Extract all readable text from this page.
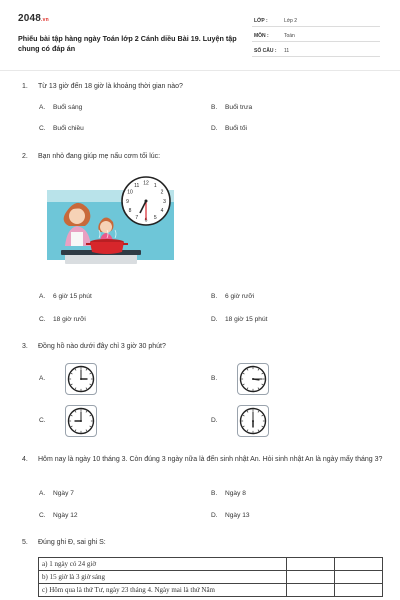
2048.vn
Phiếu bài tập hàng ngày Toán lớp 2 Cánh diều Bài 19. Luyện tập chung có đáp án
LỚP :	Lớp 2
MÔN :	Toán
SỐ CÂU : 11
1. Từ 13 giờ đến 18 giờ là khoảng thời gian nào?
A. Buổi sáng	B. Buổi trưa
C. Buổi chiều	D. Buổi tối
2. Bạn nhỏ đang giúp mẹ nấu cơm tối lúc:
12 1
2
3
4
5
6
7
8
9
10
11
A. 6 giờ 15 phút	B. 6 giờ rưỡi
C. 18 giờ rưỡi	D. 18 giờ 15 phút
3. Đồng hồ nào dưới đây chỉ 3 giờ 30 phút?
A.	B.
C.	D.
4. Hôm nay là ngày 10 tháng 3. Còn đúng 3 ngày nữa là đến sinh nhật An. Hỏi sinh nhật An là ngày mấy tháng 3?
A. Ngày 7	B. Ngày 8
C. Ngày 12	D. Ngày 13
5. Đúng ghi Đ, sai ghi S:
a) 1 ngày có 24 giờ		
b) 15 giờ là 3 giờ sáng		
c) Hôm qua là thứ Tư, ngày 23 tháng 4. Ngày mai là thứ Năm		
